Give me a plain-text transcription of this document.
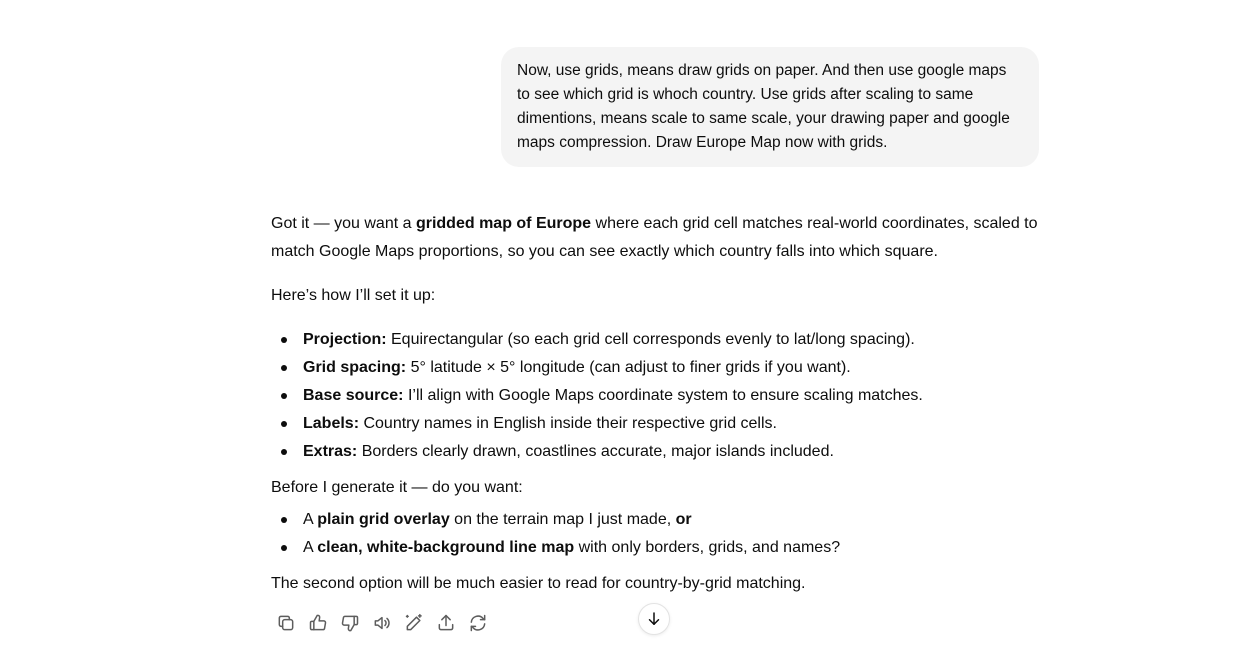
Now, use grids, means draw grids on paper. And then use google maps to see which grid is whoch country. Use grids after scaling to same dimentions, means scale to same scale, your drawing paper and google maps compression. Draw Europe Map now with grids.

Got it — you want a gridded map of Europe where each grid cell matches real-world coordinates, scaled to match Google Maps proportions, so you can see exactly which country falls into which square.

Here’s how I’ll set it up:

Projection: Equirectangular (so each grid cell corresponds evenly to lat/long spacing).
Grid spacing: 5° latitude × 5° longitude (can adjust to finer grids if you want).
Base source: I’ll align with Google Maps coordinate system to ensure scaling matches.
Labels: Country names in English inside their respective grid cells.
Extras: Borders clearly drawn, coastlines accurate, major islands included.

Before I generate it — do you want:

A plain grid overlay on the terrain map I just made, or
A clean, white-background line map with only borders, grids, and names?

The second option will be much easier to read for country-by-grid matching.
